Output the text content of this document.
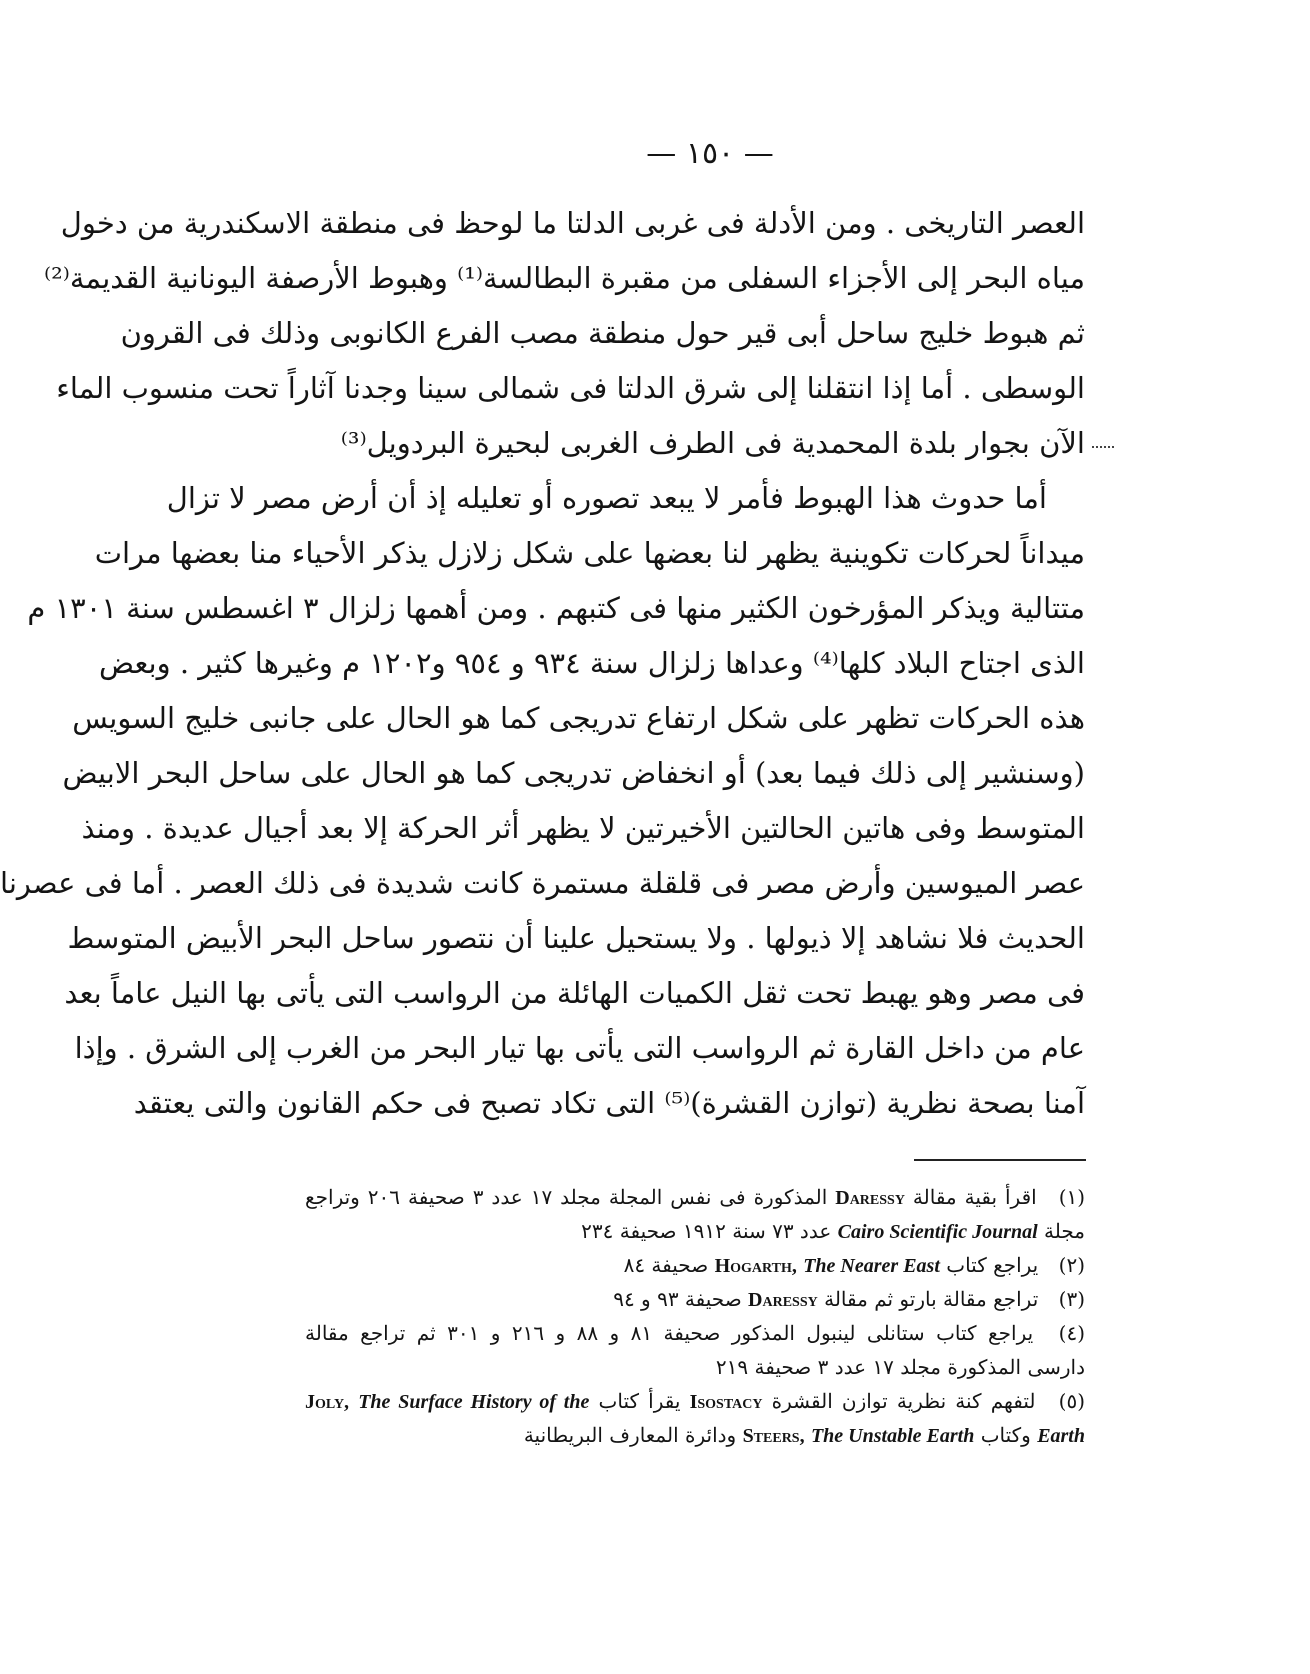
— ١٥٠ —
العصر التاريخى . ومن الأدلة فى غربى الدلتا ما لوحظ فى منطقة الاسكندرية من دخول
مياه البحر إلى الأجزاء السفلى من مقبرة البطالسة⁽¹⁾ وهبوط الأرصفة اليونانية القديمة⁽²⁾
ثم هبوط خليج ساحل أبى قير حول منطقة مصب الفرع الكانوبى وذلك فى القرون
الوسطى . أما إذا انتقلنا إلى شرق الدلتا فى شمالى سينا وجدنا آثاراً تحت منسوب الماء
الآن بجوار بلدة المحمدية فى الطرف الغربى لبحيرة البردويل⁽³⁾
أما حدوث هذا الهبوط فأمر لا يبعد تصوره أو تعليله إذ أن أرض مصر لا تزال
ميداناً لحركات تكوينية يظهر لنا بعضها على شكل زلازل يذكر الأحياء منا بعضها مرات
متتالية ويذكر المؤرخون الكثير منها فى كتبهم . ومن أهمها زلزال ٣ اغسطس سنة ١٣٠١ م
الذى اجتاح البلاد كلها⁽⁴⁾ وعداها زلزال سنة ٩٣٤ و ٩٥٤ و١٢٠٢ م وغيرها كثير . وبعض
هذه الحركات تظهر على شكل ارتفاع تدريجى كما هو الحال على جانبى خليج السويس
(وسنشير إلى ذلك فيما بعد) أو انخفاض تدريجى كما هو الحال على ساحل البحر الابيض
المتوسط وفى هاتين الحالتين الأخيرتين لا يظهر أثر الحركة إلا بعد أجيال عديدة . ومنذ
عصر الميوسين وأرض مصر فى قلقلة مستمرة كانت شديدة فى ذلك العصر . أما فى عصرنا
الحديث فلا نشاهد إلا ذيولها . ولا يستحيل علينا أن نتصور ساحل البحر الأبيض المتوسط
فى مصر وهو يهبط تحت ثقل الكميات الهائلة من الرواسب التى يأتى بها النيل عاماً بعد
عام من داخل القارة ثم الرواسب التى يأتى بها تيار البحر من الغرب إلى الشرق . وإذا
آمنا بصحة نظرية (توازن القشرة)⁽⁵⁾ التى تكاد تصبح فى حكم القانون والتى يعتقد
(١) اقرأ بقية مقالة Daressy المذكورة فى نفس المجلة مجلد ١٧ عدد ٣ صحيفة ٢٠٦ وتراجع
مجلة Cairo Scientific Journal عدد ٧٣ سنة ١٩١٢ صحيفة ٢٣٤
(٢) يراجع كتاب Hogarth, The Nearer East صحيفة ٨٤
(٣) تراجع مقالة بارتو ثم مقالة Daressy صحيفة ٩٣ و ٩٤
(٤) يراجع كتاب ستانلى لينبول المذكور صحيفة ٨١ و ٨٨ و ٢١٦ و ٣٠١ ثم تراجع مقالة
دارسى المذكورة مجلد ١٧ عدد ٣ صحيفة ٢١٩
(٥) لتفهم كنة نظرية توازن القشرة Isostacy يقرأ كتاب Joly, The Surface History of the
Earth وكتاب Steers, The Unstable Earth ودائرة المعارف البريطانية
